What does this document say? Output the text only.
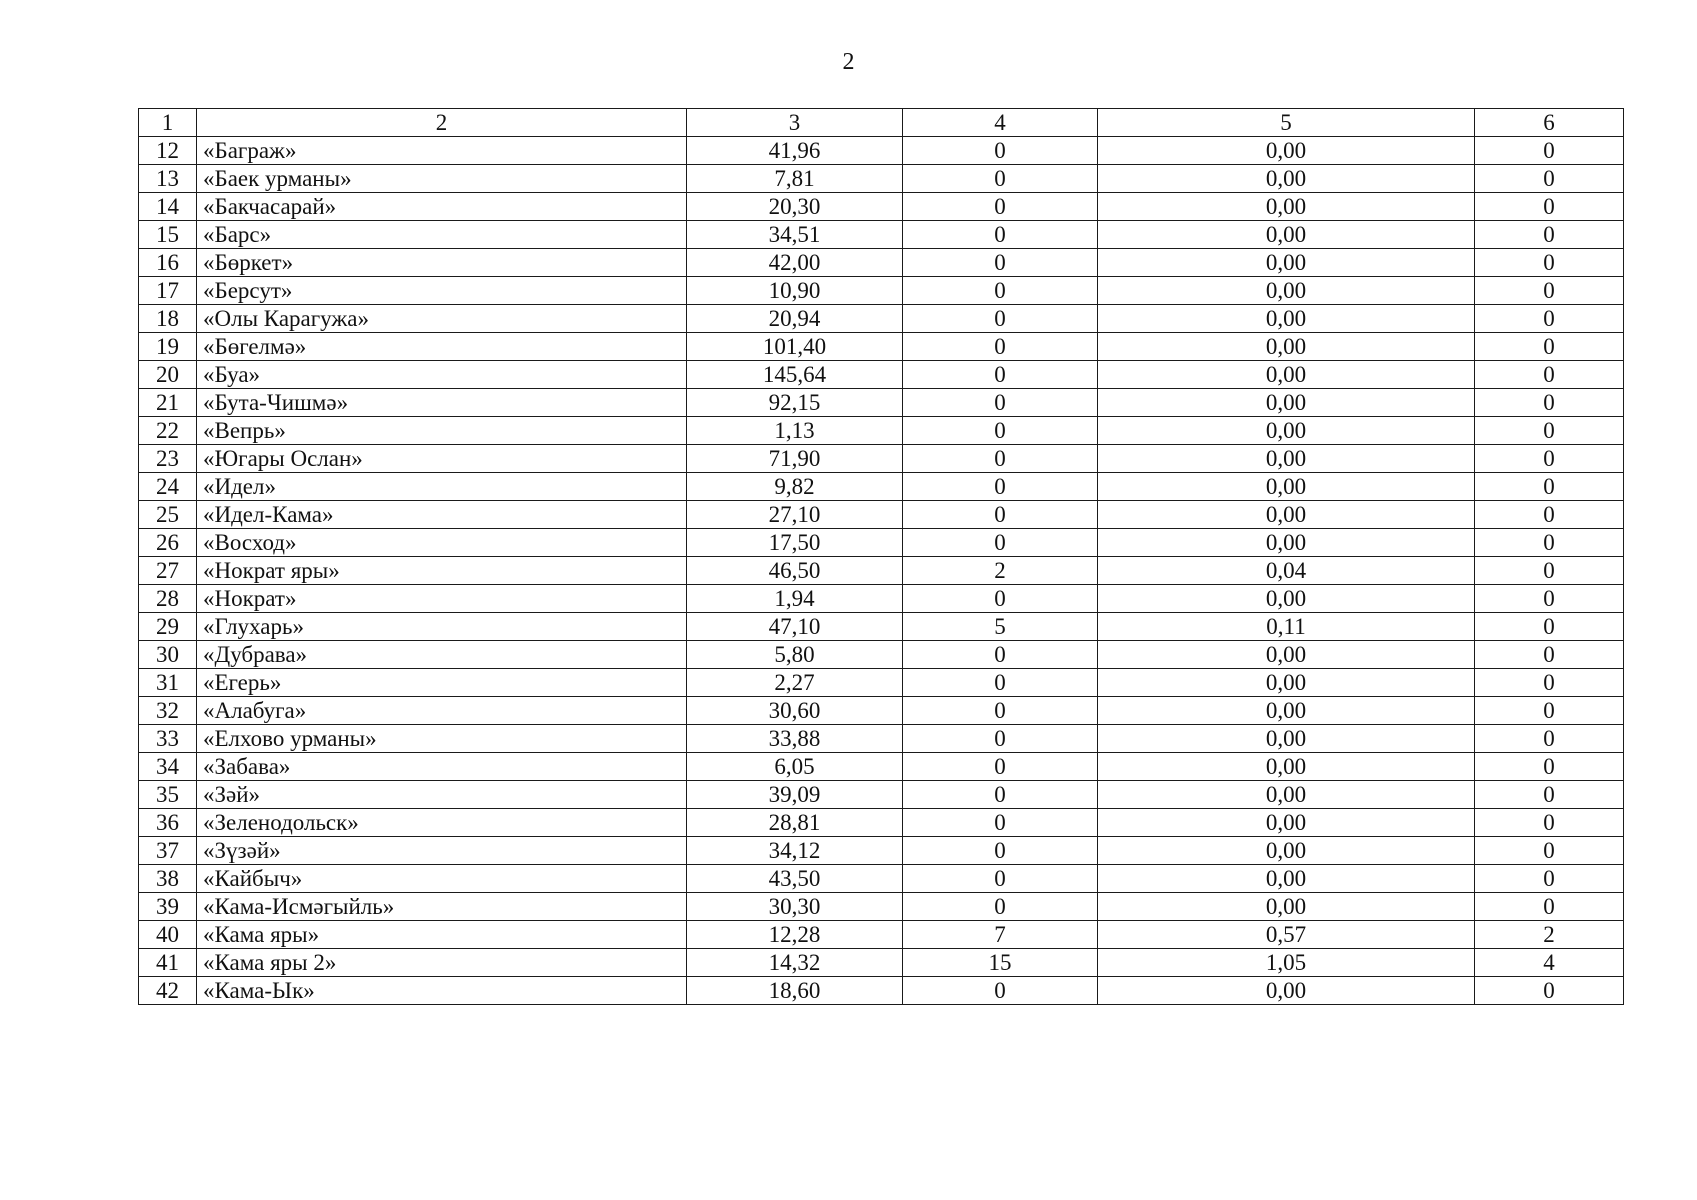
2
1	2	3	4	5	6
12	«Баграж»	41,96	0	0,00	0
13	«Баек урманы»	7,81	0	0,00	0
14	«Бакчасарай»	20,30	0	0,00	0
15	«Барс»	34,51	0	0,00	0
16	«Бөркет»	42,00	0	0,00	0
17	«Берсут»	10,90	0	0,00	0
18	«Олы Карагужа»	20,94	0	0,00	0
19	«Бөгелмә»	101,40	0	0,00	0
20	«Буа»	145,64	0	0,00	0
21	«Бута-Чишмә»	92,15	0	0,00	0
22	«Вепрь»	1,13	0	0,00	0
23	«Югары Ослан»	71,90	0	0,00	0
24	«Идел»	9,82	0	0,00	0
25	«Идел-Кама»	27,10	0	0,00	0
26	«Восход»	17,50	0	0,00	0
27	«Нократ яры»	46,50	2	0,04	0
28	«Нократ»	1,94	0	0,00	0
29	«Глухарь»	47,10	5	0,11	0
30	«Дубрава»	5,80	0	0,00	0
31	«Егерь»	2,27	0	0,00	0
32	«Алабуга»	30,60	0	0,00	0
33	«Елхово урманы»	33,88	0	0,00	0
34	«Забава»	6,05	0	0,00	0
35	«Зәй»	39,09	0	0,00	0
36	«Зеленодольск»	28,81	0	0,00	0
37	«Зүзәй»	34,12	0	0,00	0
38	«Кайбыч»	43,50	0	0,00	0
39	«Кама-Исмәгыйль»	30,30	0	0,00	0
40	«Кама яры»	12,28	7	0,57	2
41	«Кама яры 2»	14,32	15	1,05	4
42	«Кама-Ык»	18,60	0	0,00	0
